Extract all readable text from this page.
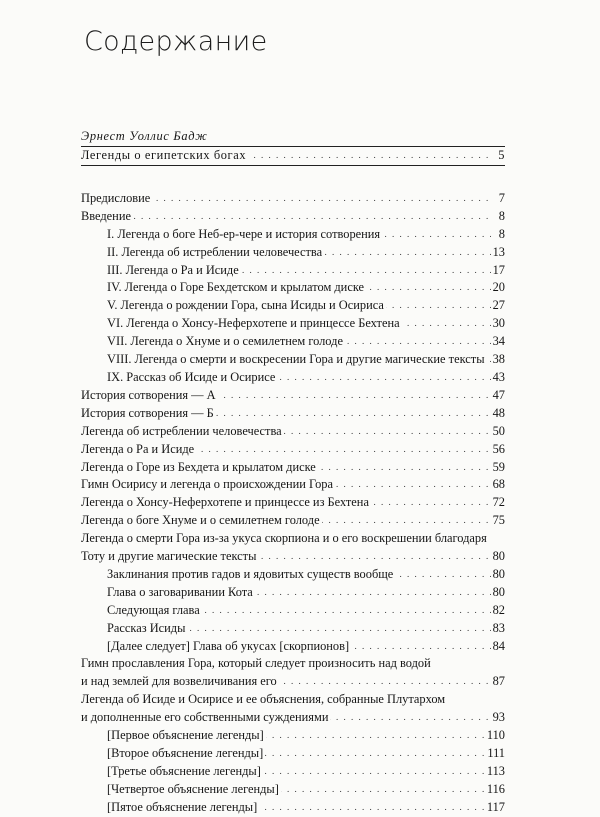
Содержание
Эрнест Уоллис Бадж
. . . Легенды о египетских богах	5
. . . Предисловие	7
. . . Введение	8
. . . I. Легенда о боге Неб-ер-чере и история сотворения	8
. . . II. Легенда об истреблении человечества	13
. . . III. Легенда о Ра и Исиде	17
. . . IV. Легенда о Горе Бехдетском и крылатом диске	20
. . . V. Легенда о рождении Гора, сына Исиды и Осириса	27
. . . VI. Легенда о Хонсу-Неферхотепе и принцессе Бехтена	30
. . . VII. Легенда о Хнуме и о семилетнем голоде	34
. . . VIII. Легенда о смерти и воскресении Гора и другие магические тексты 38
. . . IX. Рассказ об Исиде и Осирисе	43
. . . История сотворения — А	47
. . . История сотворения — Б	48
. . . Легенда об истреблении человечества	50
. . . Легенда о Ра и Исиде	56
. . . Легенда о Горе из Бехдета и крылатом диске	59
. . . Гимн Осирису и легенда о происхождении Гора	68
. . . Легенда о Хонсу-Неферхотепе и принцессе из Бехтена	72
. . . Легенда о боге Хнуме и о семилетнем голоде	75
Легенда о смерти Гора из-за укуса скорпиона и о его воскрешении благодаря
. . . Тоту и другие магические тексты	80
. . . Заклинания против гадов и ядовитых существ вообще	80
. . . Глава о заговаривании Кота	80
. . . Следующая глава	82
. . . Рассказ Исиды	83
. . . [Далее следует] Глава об укусах [скорпионов]	84
Гимн прославления Гора, который следует произносить над водой
. . . и над землей для возвеличивания его	87
Легенда об Исиде и Осирисе и ее объяснения, собранные Плутархом
. . . и дополненные его собственными суждениями	93
. . . [Первое объяснение легенды]	110
. . . [Второе объяснение легенды]	111
. . . [Третье объяснение легенды]	113
. . . [Четвертое объяснение легенды]	116
. . . [Пятое объяснение легенды]	117
